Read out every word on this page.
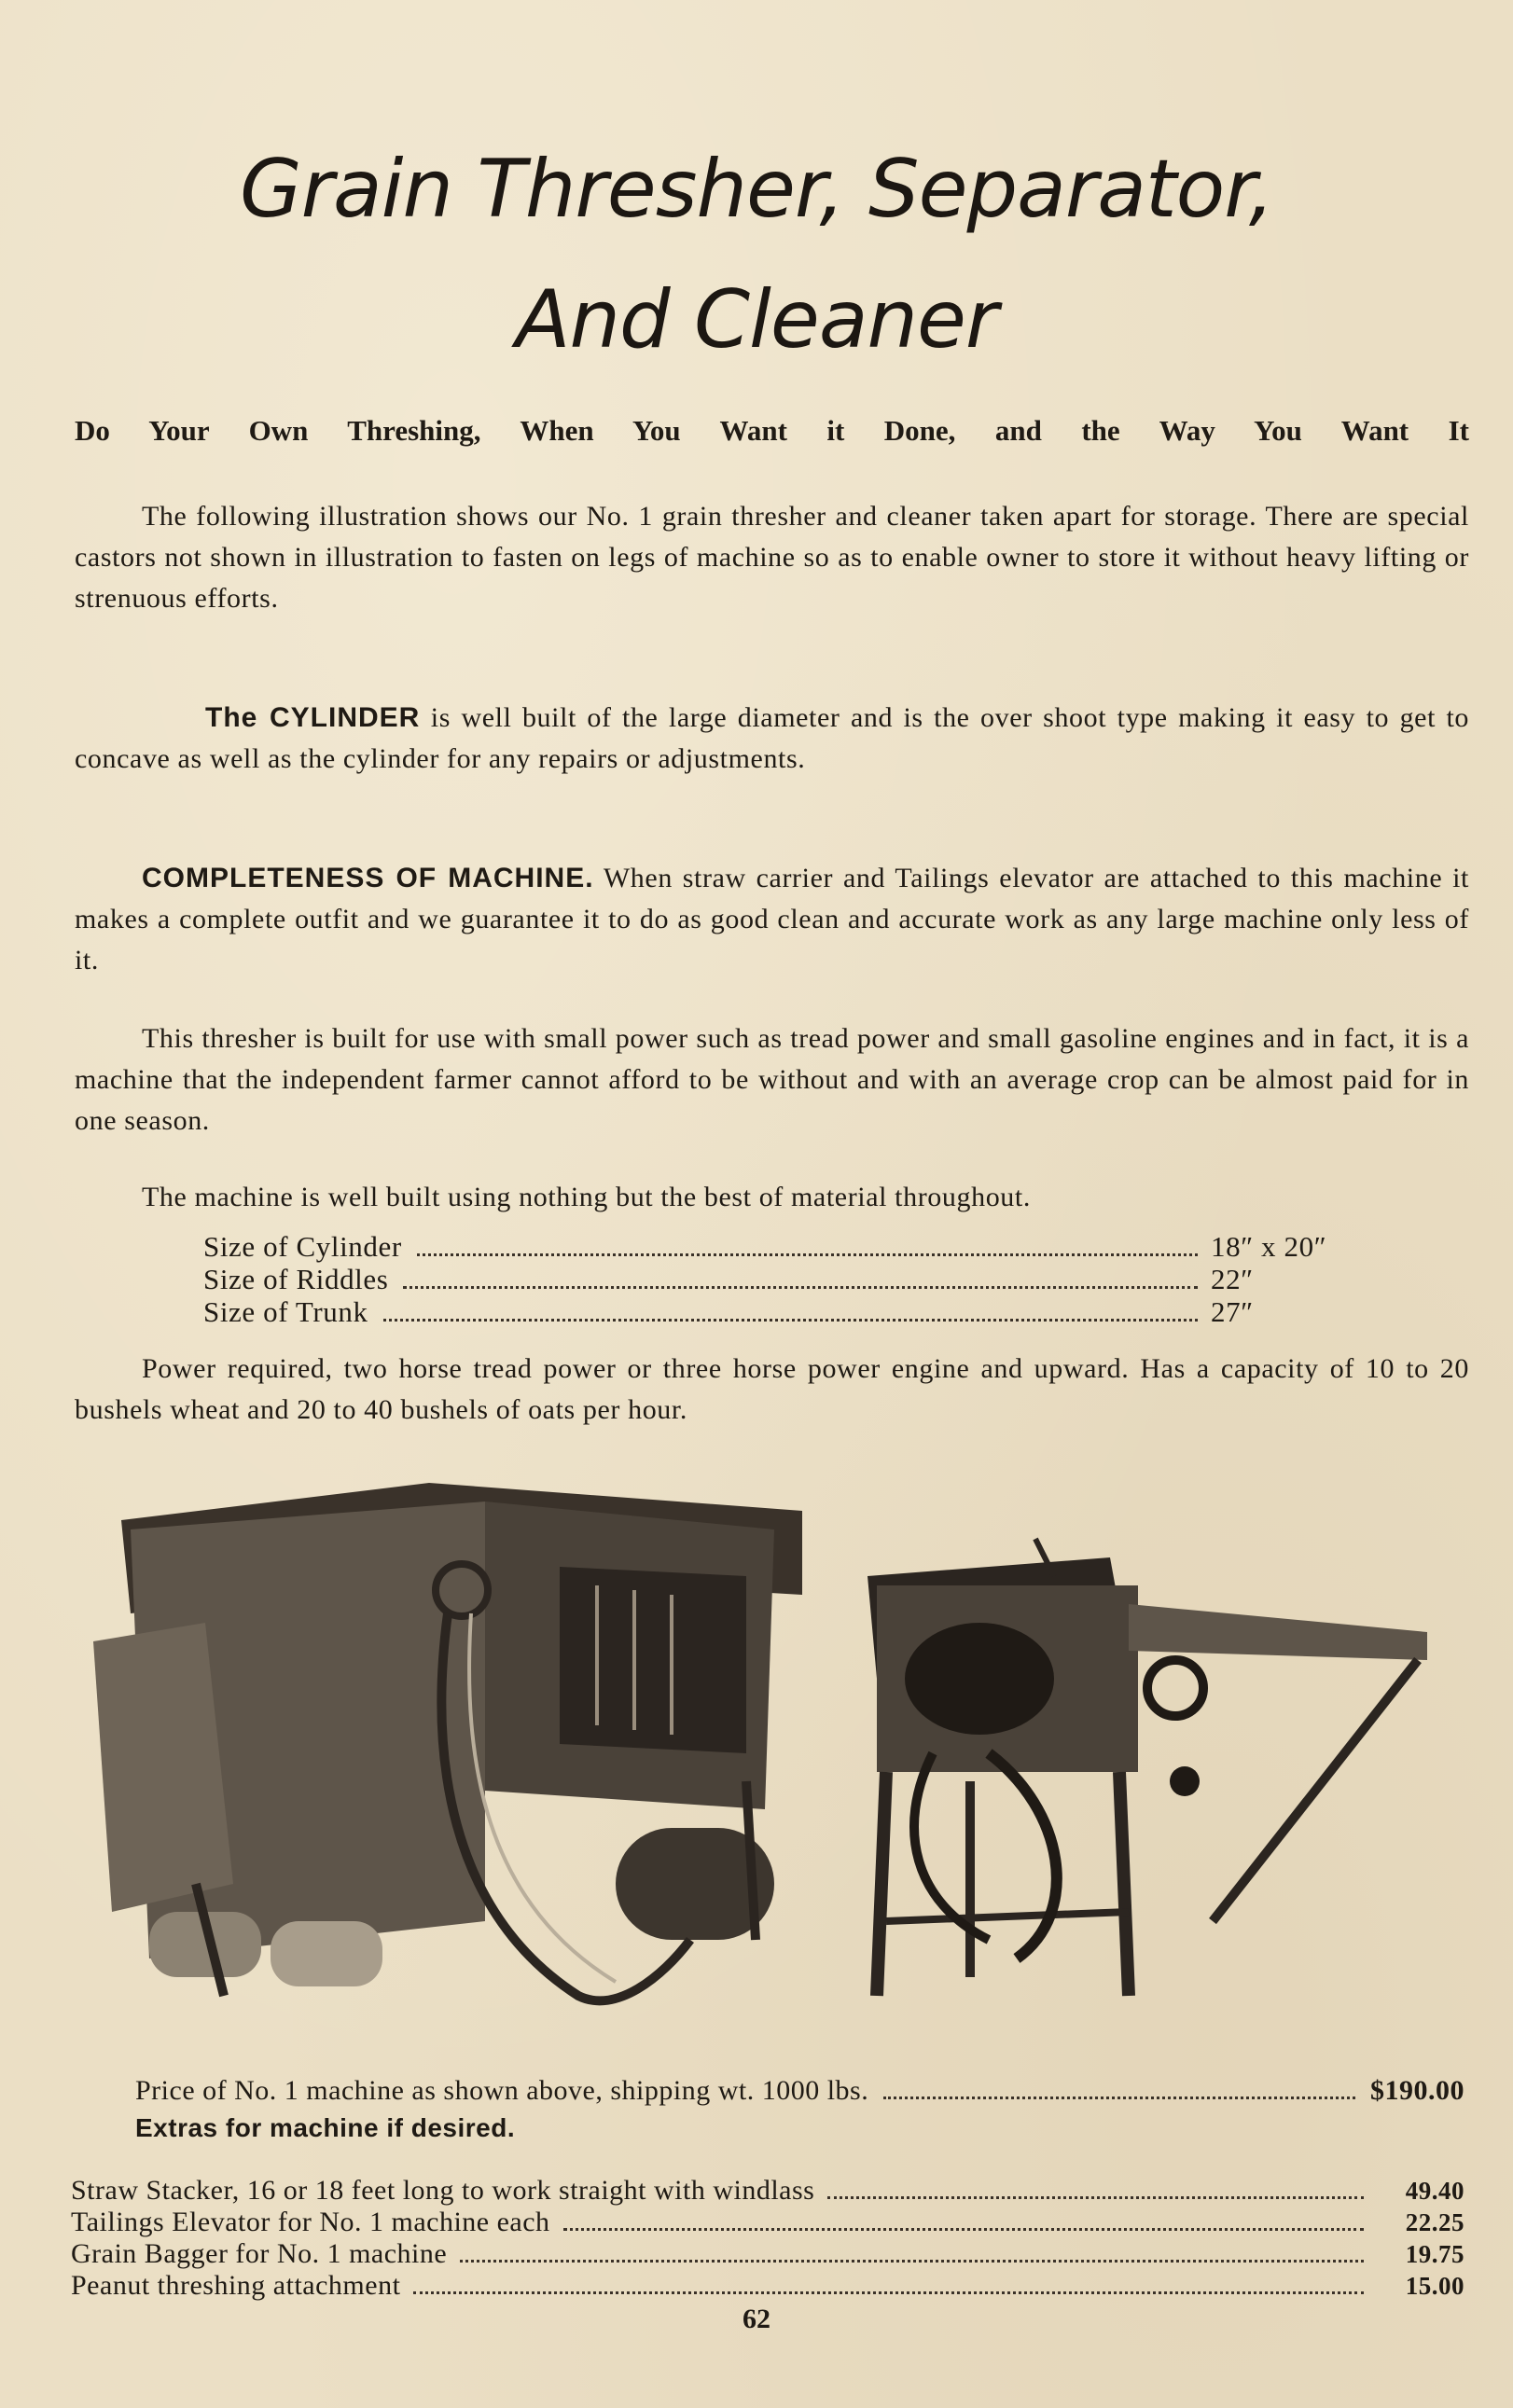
Grain Thresher, Separator,
And Cleaner
Do Your Own Threshing, When You Want it Done, and the Way You Want It
The following illustration shows our No. 1 grain thresher and cleaner taken apart for storage. There are special castors not shown in illustration to fasten on legs of machine so as to enable owner to store it without heavy lifting or strenuous efforts.
The CYLINDER is well built of the large diameter and is the over shoot type making it easy to get to concave as well as the cylinder for any repairs or adjustments.
COMPLETENESS OF MACHINE. When straw carrier and Tailings elevator are attached to this machine it makes a complete outfit and we guarantee it to do as good clean and accurate work as any large machine only less of it.
This thresher is built for use with small power such as tread power and small gasoline engines and in fact, it is a machine that the independent farmer cannot afford to be without and with an average crop can be almost paid for in one season.
The machine is well built using nothing but the best of material throughout.
Size of Cylinder	18″ x 20″
Size of Riddles	22″
Size of Trunk	27″
Power required, two horse tread power or three horse power engine and upward. Has a capacity of 10 to 20 bushels wheat and 20 to 40 bushels of oats per hour.
Price of No. 1 machine as shown above, shipping wt. 1000 lbs.	$190.00
Extras for machine if desired.
Straw Stacker, 16 or 18 feet long to work straight with windlass	49.40
Tailings Elevator for No. 1 machine each	22.25
Grain Bagger for No. 1 machine	19.75
Peanut threshing attachment	15.00
62
